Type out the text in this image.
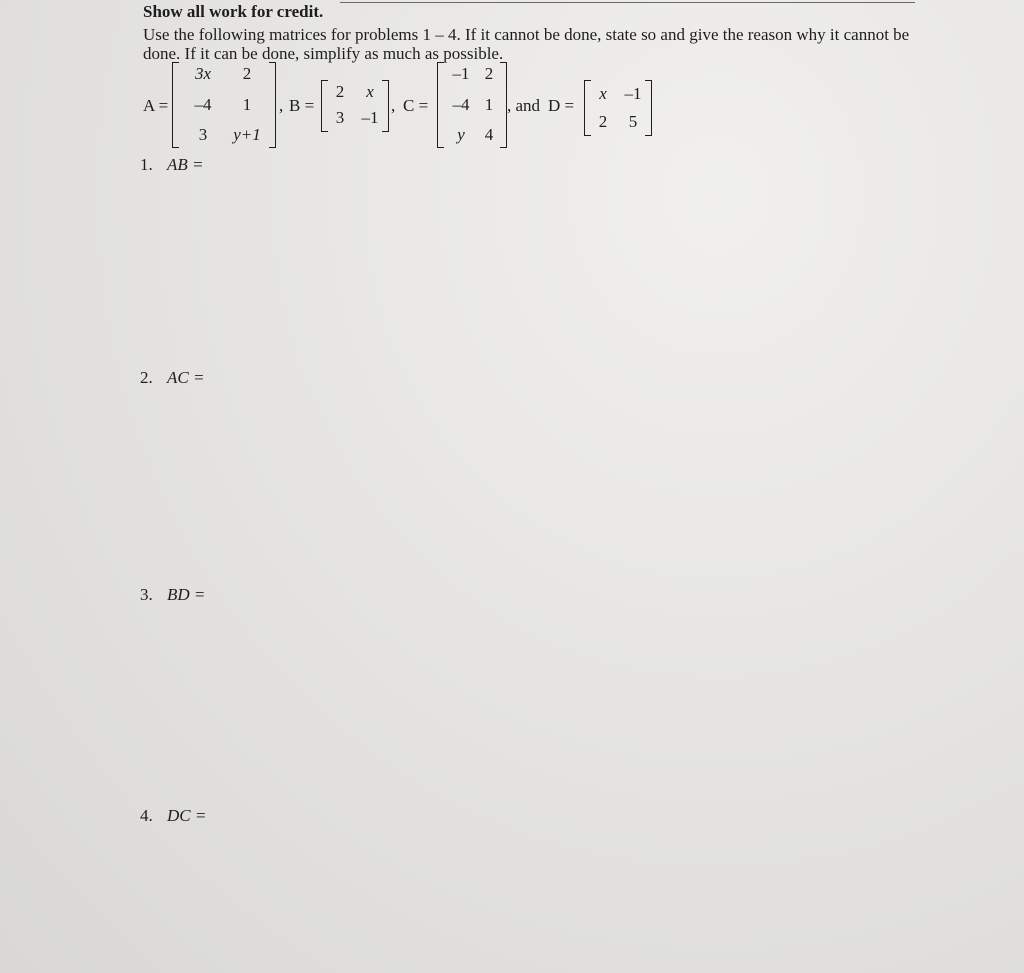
Show all work for credit.
Use the following matrices for problems 1 – 4. If it cannot be done, state so and give the reason why it cannot be done. If it can be done, simplify as much as possible.
A =
3x	2
–4	1
3	y+1
, B =
2	x
3	–1
, C =
–1 2
–4 1
y	4
, and D =
x	–1
2	5
1. AB =
2. AC =
3. BD =
4. DC =
